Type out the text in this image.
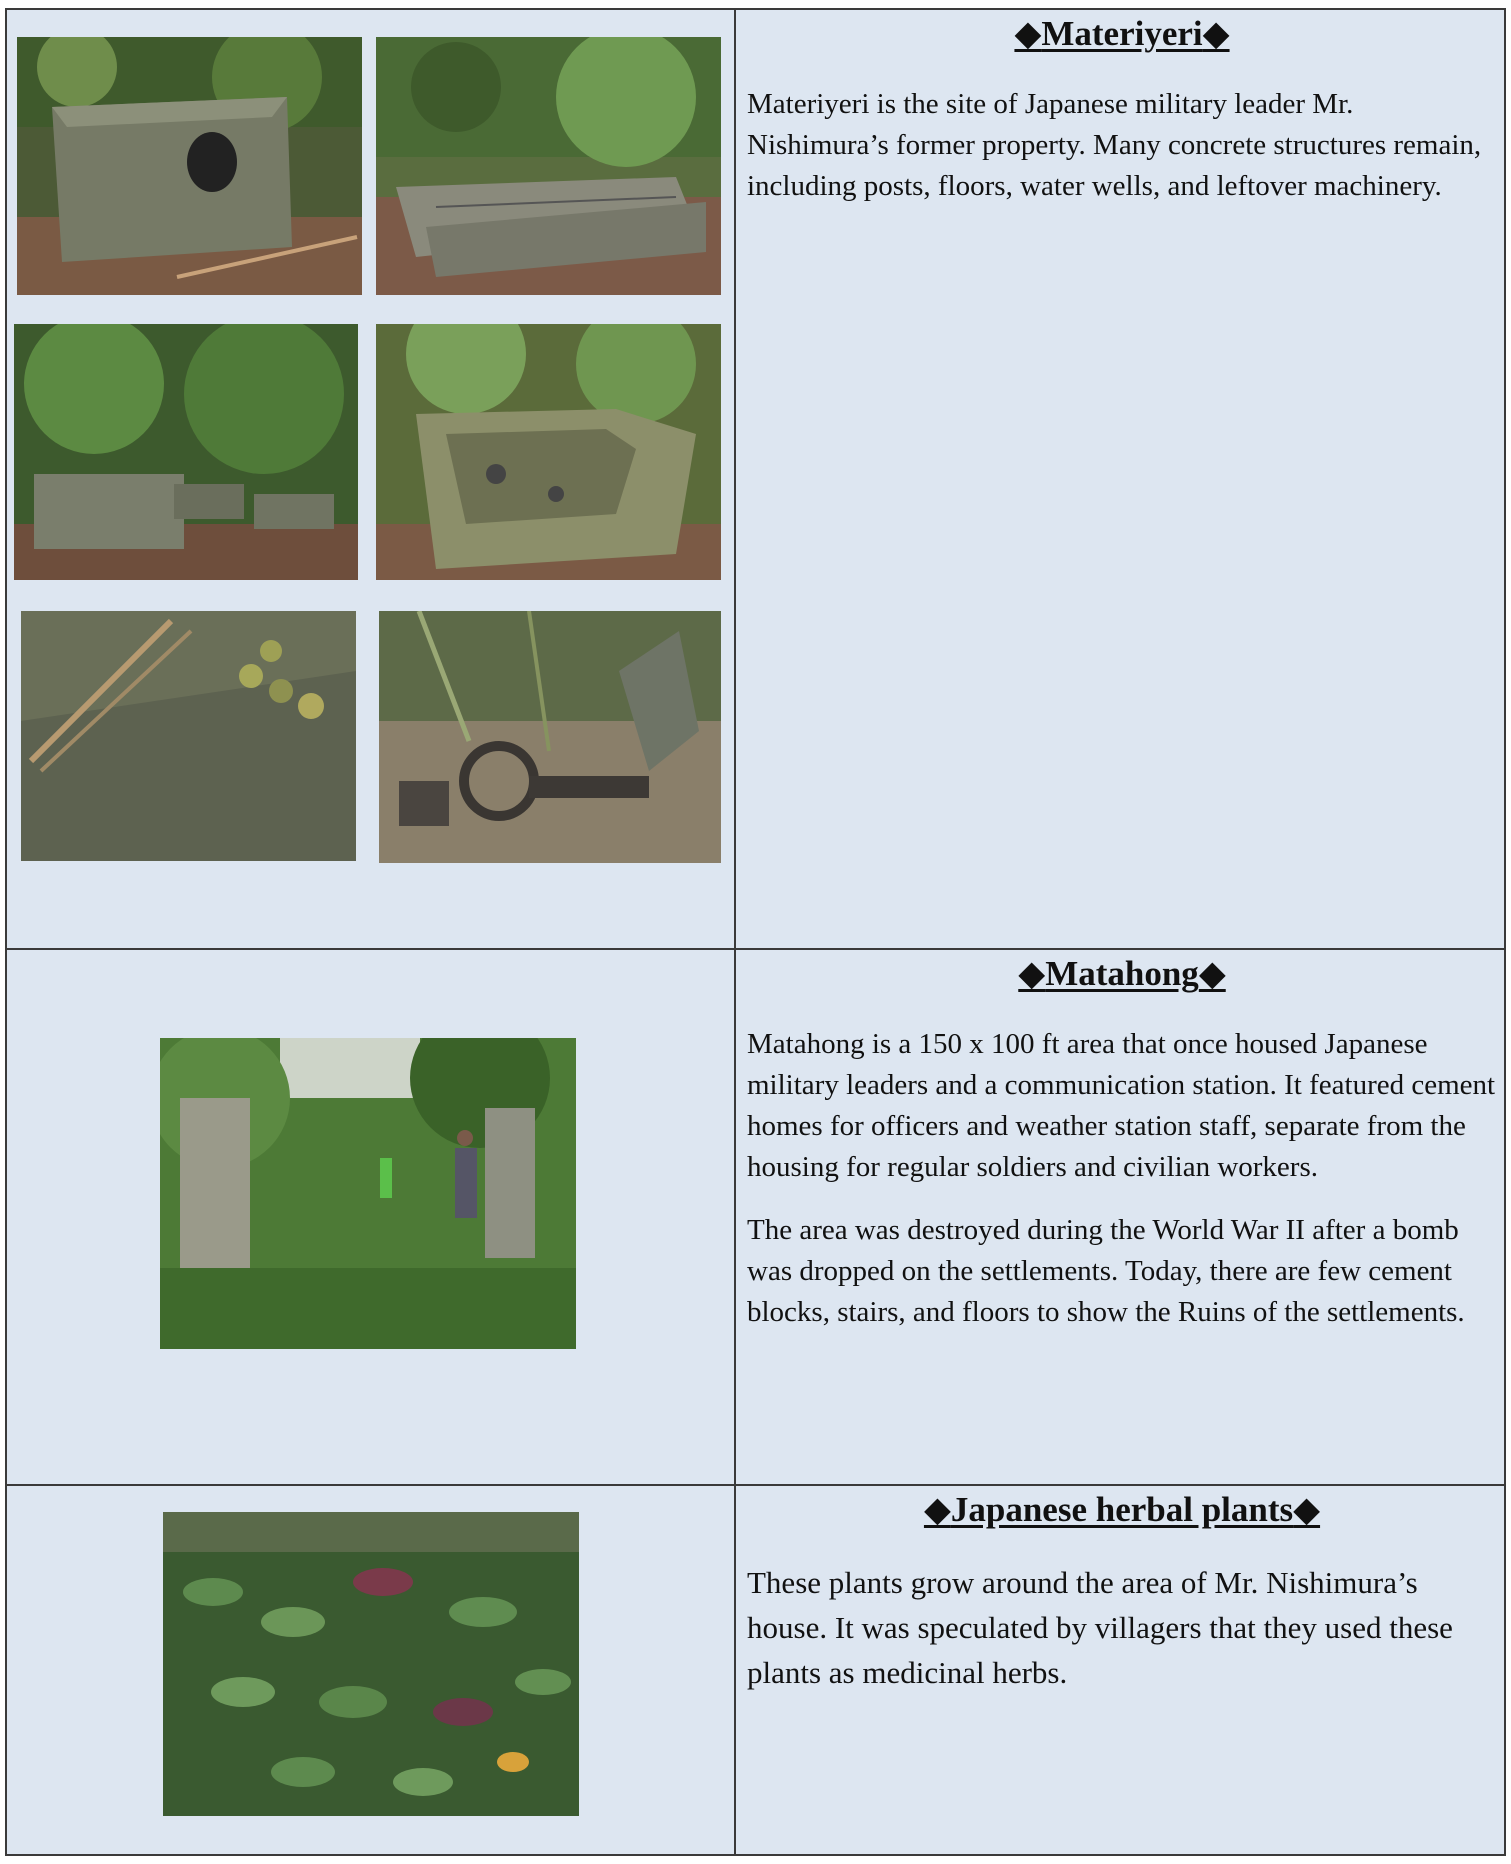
◆Materiyeri◆

Materiyeri is the site of Japanese military leader Mr. Nishimura’s former property. Many concrete structures remain, including posts, floors, water wells, and leftover machinery.

◆Matahong◆

Matahong is a 150 x 100 ft area that once housed Japanese military leaders and a communication station. It featured cement homes for officers and weather station staff, separate from the housing for regular soldiers and civilian workers.

The area was destroyed during the World War II after a bomb was dropped on the settlements. Today, there are few cement blocks, stairs, and floors to show the Ruins of the settlements.

◆Japanese herbal plants◆

These plants grow around the area of Mr. Nishimura’s house. It was speculated by villagers that they used these plants as medicinal herbs.
